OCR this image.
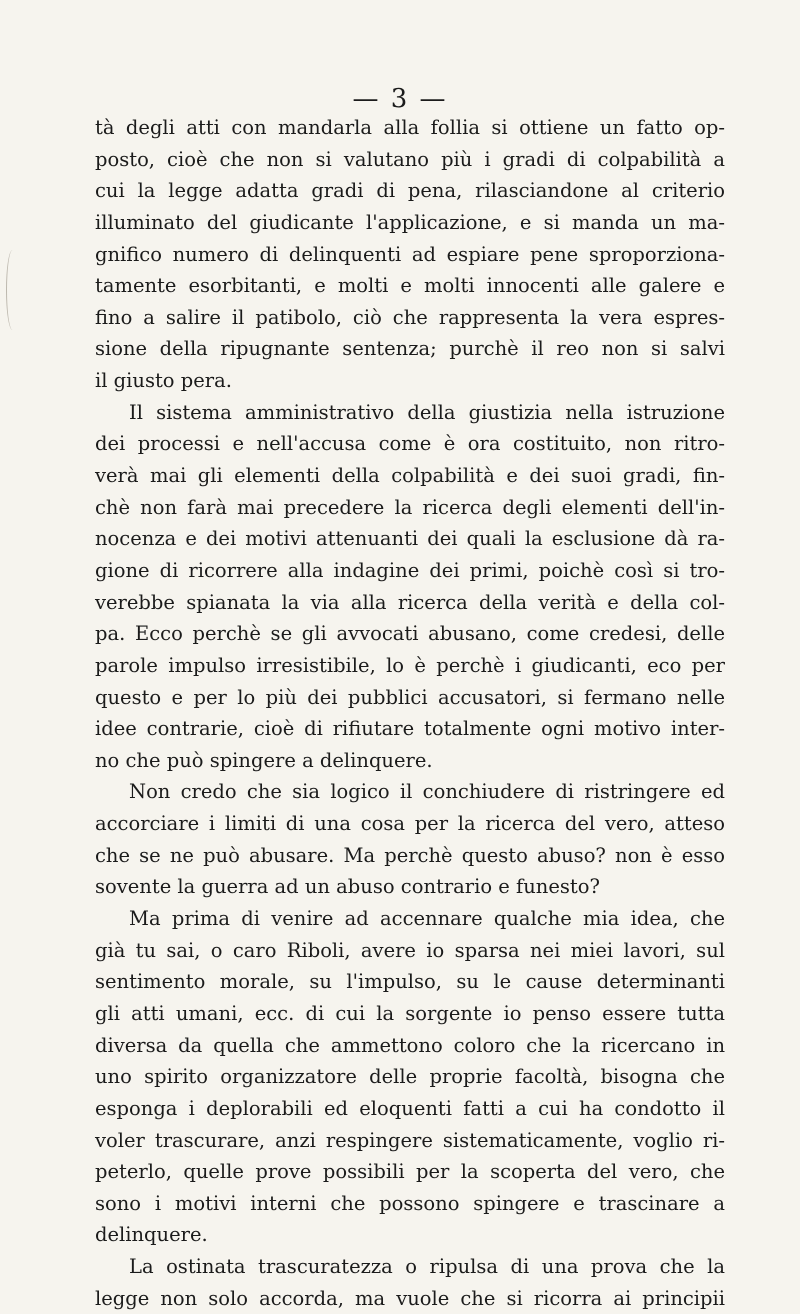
— 3 —
tà degli atti con mandarla alla follia si ottiene un fatto op-
posto, cioè che non si valutano più i gradi di colpabilità a
cui la legge adatta gradi di pena, rilasciandone al criterio
illuminato del giudicante l'applicazione, e si manda un ma-
gnifico numero di delinquenti ad espiare pene sproporziona-
tamente esorbitanti, e molti e molti innocenti alle galere e
fino a salire il patibolo, ciò che rappresenta la vera espres-
sione della ripugnante sentenza; purchè il reo non si salvi
il giusto pera.
Il sistema amministrativo della giustizia nella istruzione
dei processi e nell'accusa come è ora costituito, non ritro-
verà mai gli elementi della colpabilità e dei suoi gradi, fin-
chè non farà mai precedere la ricerca degli elementi dell'in-
nocenza e dei motivi attenuanti dei quali la esclusione dà ra-
gione di ricorrere alla indagine dei primi, poichè così si tro-
verebbe spianata la via alla ricerca della verità e della col-
pa. Ecco perchè se gli avvocati abusano, come credesi, delle
parole impulso irresistibile, lo è perchè i giudicanti, eco per
questo e per lo più dei pubblici accusatori, si fermano nelle
idee contrarie, cioè di rifiutare totalmente ogni motivo inter-
no che può spingere a delinquere.
Non credo che sia logico il conchiudere di ristringere ed
accorciare i limiti di una cosa per la ricerca del vero, atteso
che se ne può abusare. Ma perchè questo abuso? non è esso
sovente la guerra ad un abuso contrario e funesto?
Ma prima di venire ad accennare qualche mia idea, che
già tu sai, o caro Riboli, avere io sparsa nei miei lavori, sul
sentimento morale, su l'impulso, su le cause determinanti
gli atti umani, ecc. di cui la sorgente io penso essere tutta
diversa da quella che ammettono coloro che la ricercano in
uno spirito organizzatore delle proprie facoltà, bisogna che
esponga i deplorabili ed eloquenti fatti a cui ha condotto il
voler trascurare, anzi respingere sistematicamente, voglio ri-
peterlo, quelle prove possibili per la scoperta del vero, che
sono i motivi interni che possono spingere e trascinare a
delinquere.
La ostinata trascuratezza o ripulsa di una prova che la
legge non solo accorda, ma vuole che si ricorra ai principii
